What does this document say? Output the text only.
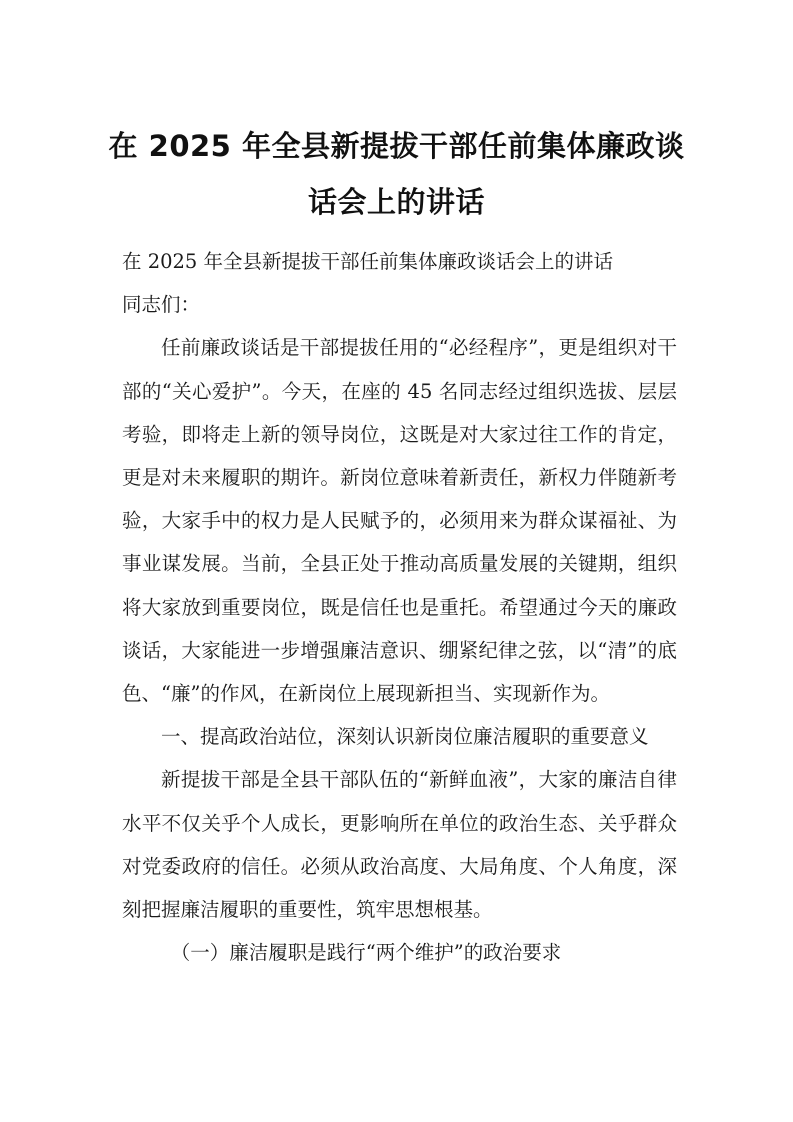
在 2025 年全县新提拔干部任前集体廉政谈
话会上的讲话

在 2025 年全县新提拔干部任前集体廉政谈话会上的讲话

同志们：

任前廉政谈话是干部提拔任用的“必经程序”，更是组织对干部的“关心爱护”。今天，在座的 45 名同志经过组织选拔、层层考验，即将走上新的领导岗位，这既是对大家过往工作的肯定，更是对未来履职的期许。新岗位意味着新责任，新权力伴随新考验，大家手中的权力是人民赋予的，必须用来为群众谋福祉、为事业谋发展。当前，全县正处于推动高质量发展的关键期，组织将大家放到重要岗位，既是信任也是重托。希望通过今天的廉政谈话，大家能进一步增强廉洁意识、绷紧纪律之弦，以“清”的底色、“廉”的作风，在新岗位上展现新担当、实现新作为。

一、提高政治站位，深刻认识新岗位廉洁履职的重要意义

新提拔干部是全县干部队伍的“新鲜血液”，大家的廉洁自律水平不仅关乎个人成长，更影响所在单位的政治生态、关乎群众对党委政府的信任。必须从政治高度、大局角度、个人角度，深刻把握廉洁履职的重要性，筑牢思想根基。

（一）廉洁履职是践行“两个维护”的政治要求
